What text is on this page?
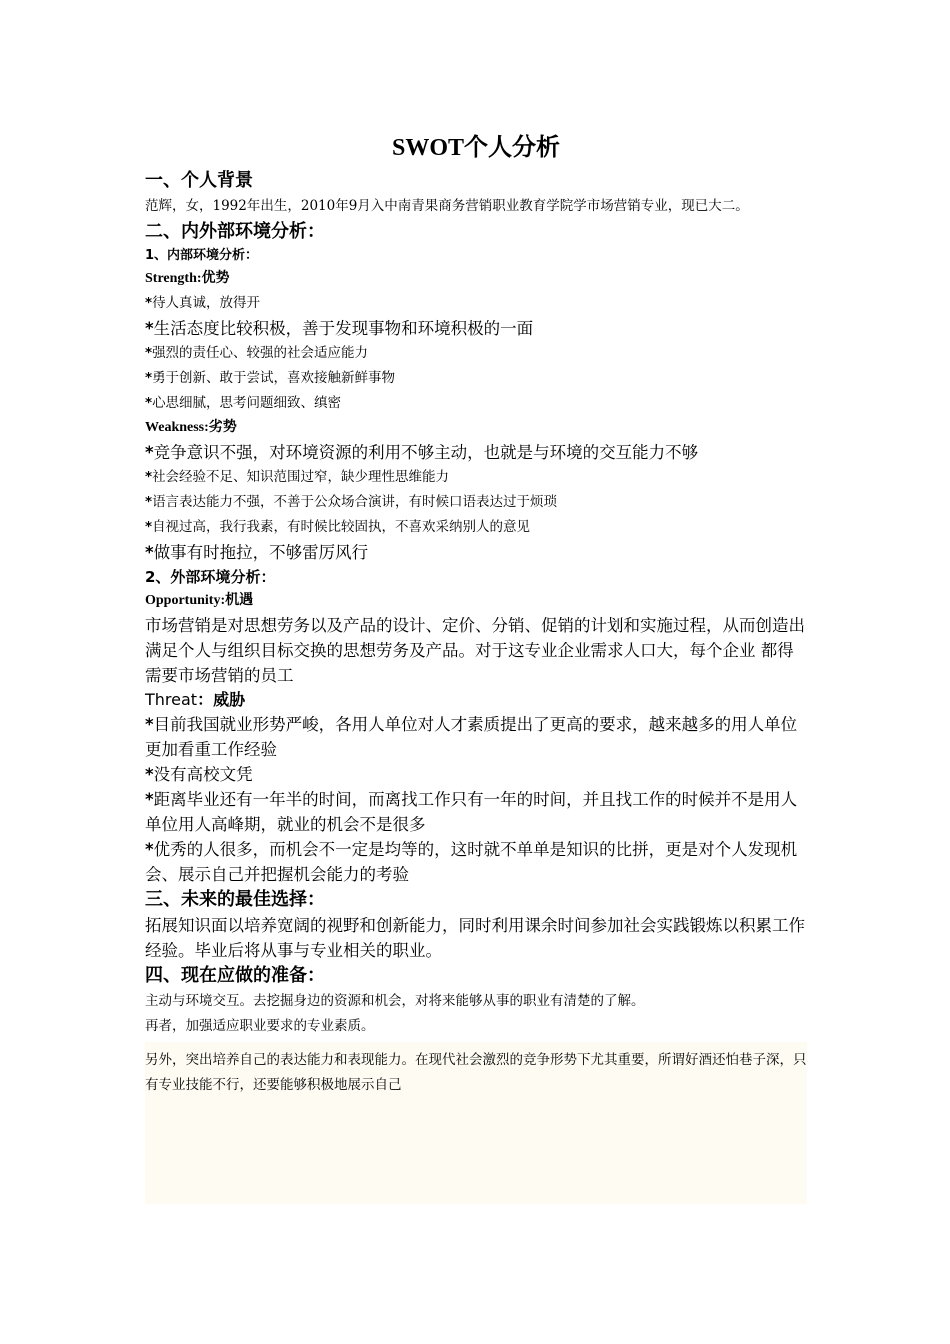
SWOT个人分析
一、个人背景
范辉，女，1992年出生，2010年9月入中南青果商务营销职业教育学院学市场营销专业，现已大二。
二、内外部环境分析：
1、内部环境分析：
Strength:优势
*待人真诚，放得开
*生活态度比较积极，善于发现事物和环境积极的一面
*强烈的责任心、较强的社会适应能力
*勇于创新、敢于尝试，喜欢接触新鲜事物
*心思细腻，思考问题细致、缜密
Weakness:劣势
*竞争意识不强，对环境资源的利用不够主动，也就是与环境的交互能力不够
*社会经验不足、知识范围过窄，缺少理性思维能力
*语言表达能力不强，不善于公众场合演讲，有时候口语表达过于烦琐
*自视过高，我行我素，有时候比较固执，不喜欢采纳别人的意见
*做事有时拖拉，不够雷厉风行
2、外部环境分析：
Opportunity:机遇
市场营销是对思想劳务以及产品的设计、定价、分销、促销的计划和实施过程，从而创造出满足个人与组织目标交换的思想劳务及产品。对于这专业企业需求人口大，每个企业 都得需要市场营销的员工
Threat：威胁
*目前我国就业形势严峻，各用人单位对人才素质提出了更高的要求，越来越多的用人单位更加看重工作经验
*没有高校文凭
*距离毕业还有一年半的时间，而离找工作只有一年的时间，并且找工作的时候并不是用人单位用人高峰期，就业的机会不是很多
*优秀的人很多，而机会不一定是均等的，这时就不单单是知识的比拼，更是对个人发现机会、展示自己并把握机会能力的考验
三、未来的最佳选择：
拓展知识面以培养宽阔的视野和创新能力，同时利用课余时间参加社会实践锻炼以积累工作经验。毕业后将从事与专业相关的职业。
四、现在应做的准备：
主动与环境交互。去挖掘身边的资源和机会，对将来能够从事的职业有清楚的了解。
再者，加强适应职业要求的专业素质。
另外，突出培养自己的表达能力和表现能力。在现代社会激烈的竞争形势下尤其重要，所谓好酒还怕巷子深，只有专业技能不行，还要能够积极地展示自己
